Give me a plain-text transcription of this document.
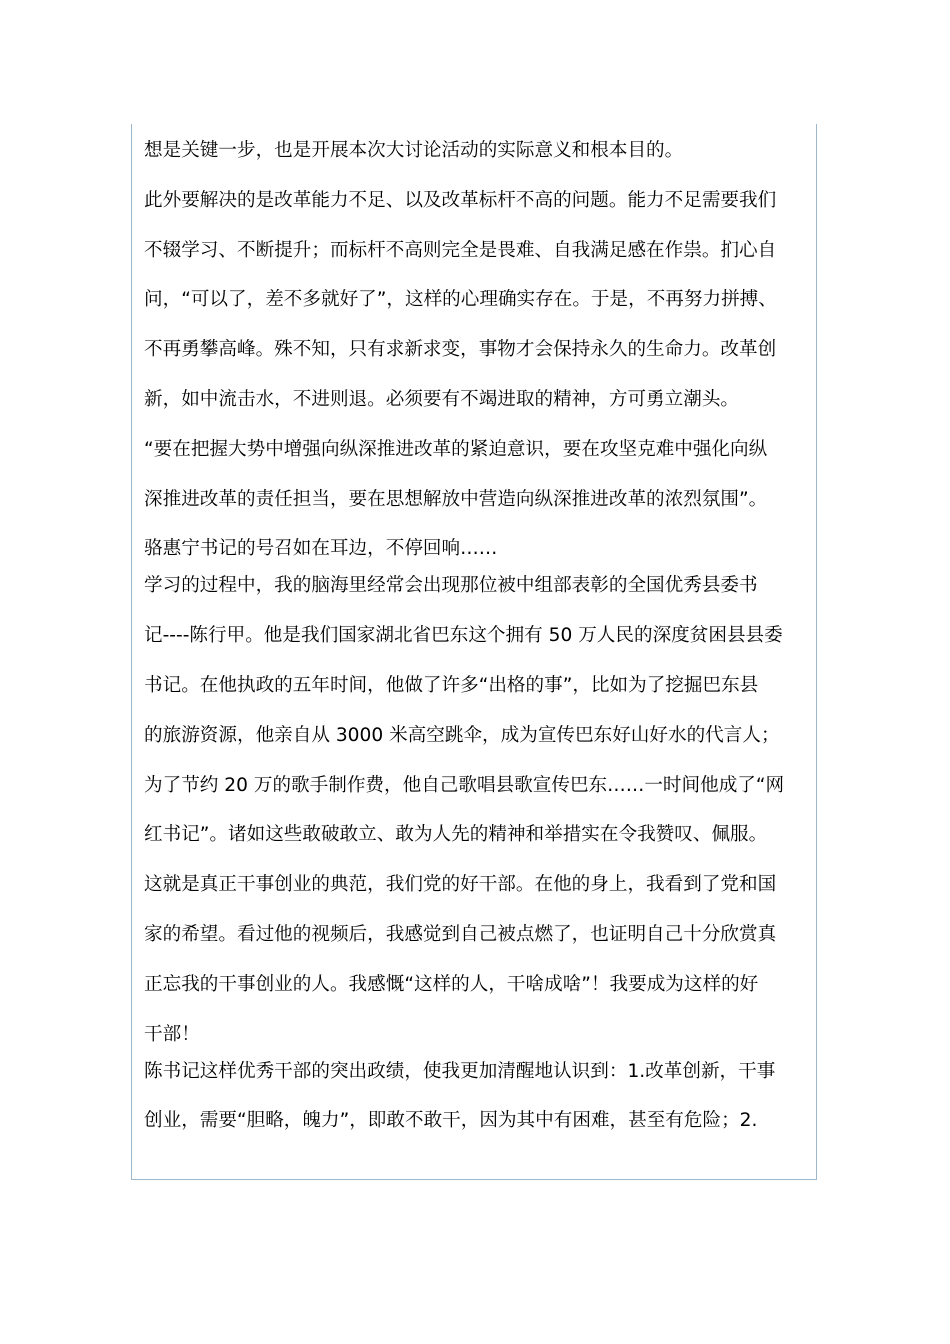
想是关键一步，也是开展本次大讨论活动的实际意义和根本目的。
此外要解决的是改革能力不足、以及改革标杆不高的问题。能力不足需要我们
不辍学习、不断提升；而标杆不高则完全是畏难、自我满足感在作祟。扪心自
问，“可以了，差不多就好了”，这样的心理确实存在。于是，不再努力拼搏、
不再勇攀高峰。殊不知，只有求新求变，事物才会保持永久的生命力。改革创
新，如中流击水，不进则退。必须要有不竭进取的精神，方可勇立潮头。
“要在把握大势中增强向纵深推进改革的紧迫意识，要在攻坚克难中强化向纵
深推进改革的责任担当，要在思想解放中营造向纵深推进改革的浓烈氛围”。
骆惠宁书记的号召如在耳边，不停回响……
学习的过程中，我的脑海里经常会出现那位被中组部表彰的全国优秀县委书
记----陈行甲。他是我们国家湖北省巴东这个拥有 50 万人民的深度贫困县县委
书记。在他执政的五年时间，他做了许多“出格的事”，比如为了挖掘巴东县
的旅游资源，他亲自从 3000 米高空跳伞，成为宣传巴东好山好水的代言人；
为了节约 20 万的歌手制作费，他自己歌唱县歌宣传巴东……一时间他成了“网
红书记”。诸如这些敢破敢立、敢为人先的精神和举措实在令我赞叹、佩服。
这就是真正干事创业的典范，我们党的好干部。在他的身上，我看到了党和国
家的希望。看过他的视频后，我感觉到自己被点燃了，也证明自己十分欣赏真
正忘我的干事创业的人。我感慨“这样的人，干啥成啥”！我要成为这样的好
干部！
陈书记这样优秀干部的突出政绩，使我更加清醒地认识到：1.改革创新，干事
创业，需要“胆略，魄力”，即敢不敢干，因为其中有困难，甚至有危险；2.
